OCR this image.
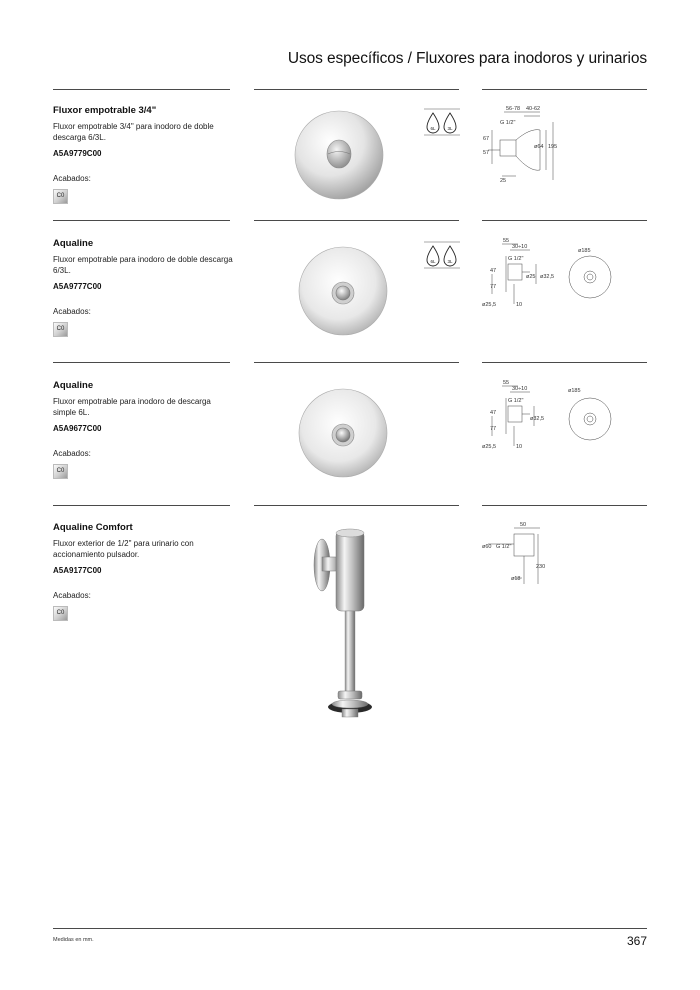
Usos específicos / Fluxores para inodoros y urinarios
Fluxor empotrable 3/4"
Fluxor empotrable 3/4" para inodoro de doble descarga 6/3L.
A5A9779C00
Acabados:
C0
6L	3L
56-78 40-62
G 1/2"
67
57
ø64 195
25
Aqualine
Fluxor empotrable para inodoro de doble descarga 6/3L.
A5A9777C00
Acabados:
C0
6L	3L
55
30÷10
G 1/2"
47
77
ø25 ø32,5
ø185
ø25,5	10
Aqualine
Fluxor empotrable para inodoro de descarga simple 6L.
A5A9677C00
Acabados:
C0
55
30÷10
G 1/2"
47
77
ø32,5
ø185
ø25,5	10
Aqualine Comfort
Fluxor exterior de 1/2" para urinario con accionamiento pulsador.
A5A9177C00
Acabados:
C0
50
ø60 G 1/2"
230
ø18
Medidas en mm.	367
